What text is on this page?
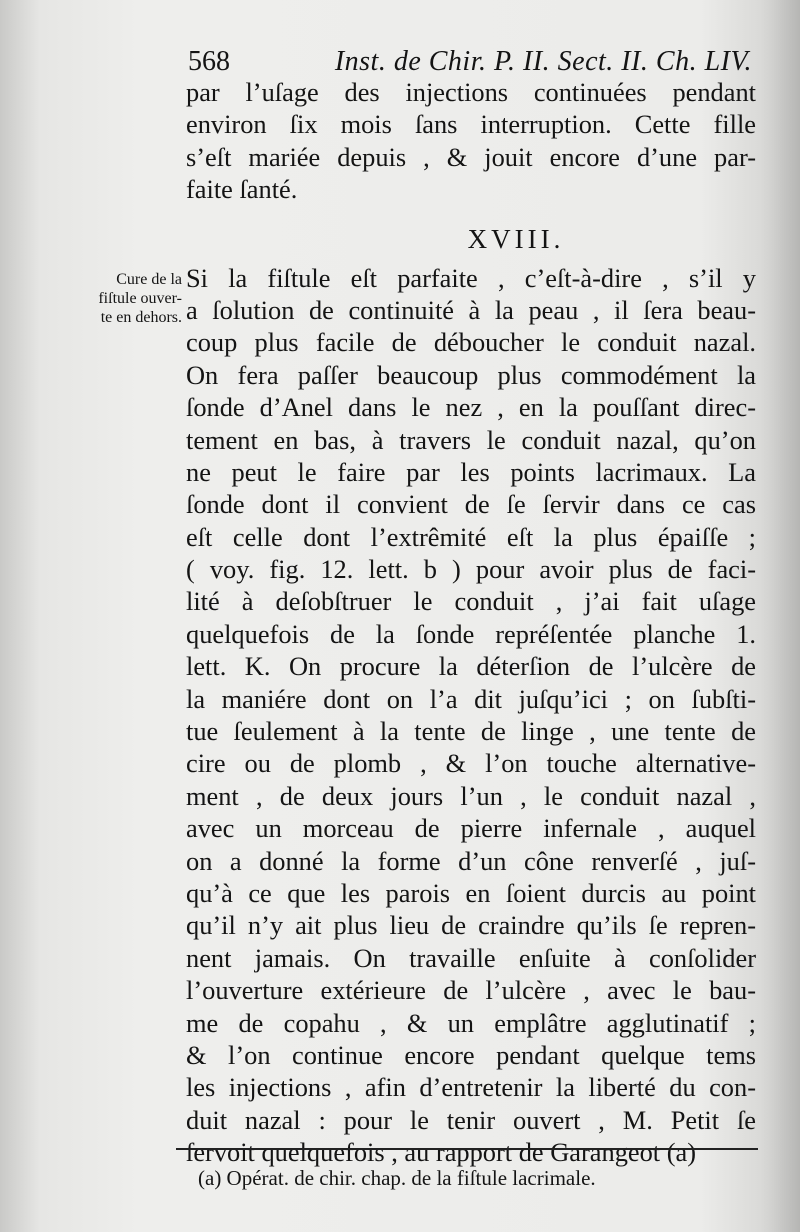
568	Inst. de Chir. P. II. Sect. II. Ch. LIV.
Cure de la
fiſtule ouver-
te en dehors.
par l’uſage des injections continuées pendant
environ ſix mois ſans interruption. Cette fille
s’eſt mariée depuis , & jouit encore d’une par-
faite ſanté.
XVIII.
Si la fiſtule eſt parfaite , c’eſt-à-dire , s’il y
a ſolution de continuité à la peau , il ſera beau-
coup plus facile de déboucher le conduit nazal.
On fera paſſer beaucoup plus commodément la
ſonde d’Anel dans le nez , en la pouſſant direc-
tement en bas, à travers le conduit nazal, qu’on
ne peut le faire par les points lacrimaux. La
ſonde dont il convient de ſe ſervir dans ce cas
eſt celle dont l’extrêmité eſt la plus épaiſſe ;
( voy. fig. 12. lett. b ) pour avoir plus de faci-
lité à deſobſtruer le conduit , j’ai fait uſage
quelquefois de la ſonde repréſentée planche 1.
lett. K. On procure la déterſion de l’ulcère de
la maniére dont on l’a dit juſqu’ici ; on ſubſti-
tue ſeulement à la tente de linge , une tente de
cire ou de plomb , & l’on touche alternative-
ment , de deux jours l’un , le conduit nazal ,
avec un morceau de pierre infernale , auquel
on a donné la forme d’un cône renverſé , juſ-
qu’à ce que les parois en ſoient durcis au point
qu’il n’y ait plus lieu de craindre qu’ils ſe repren-
nent jamais. On travaille enſuite à conſolider
l’ouverture extérieure de l’ulcère , avec le bau-
me de copahu , & un emplâtre agglutinatif ;
& l’on continue encore pendant quelque tems
les injections , afin d’entretenir la liberté du con-
duit nazal : pour le tenir ouvert , M. Petit ſe
ſervoit quelquefois , au rapport de Garangeot (a)
(a) Opérat. de chir. chap. de la fiſtule lacrimale.
